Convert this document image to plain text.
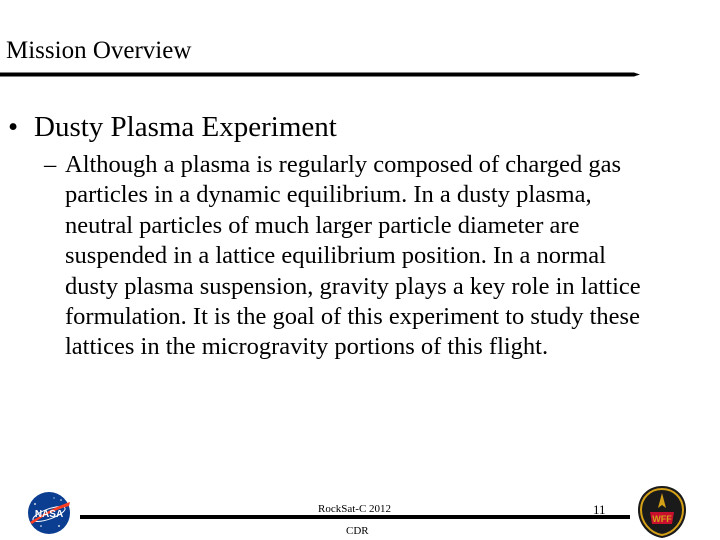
Mission Overview
• Dusty Plasma Experiment
– Although a plasma is regularly composed of charged gas particles in a dynamic equilibrium. In a dusty plasma, neutral particles of much larger particle diameter are suspended in a lattice equilibrium position. In a normal dusty plasma suspension, gravity plays a key role in lattice formulation. It is the goal of this experiment to study these lattices in the microgravity portions of this flight.
NASA	RockSat-C 2012
CDR
11
WFF
